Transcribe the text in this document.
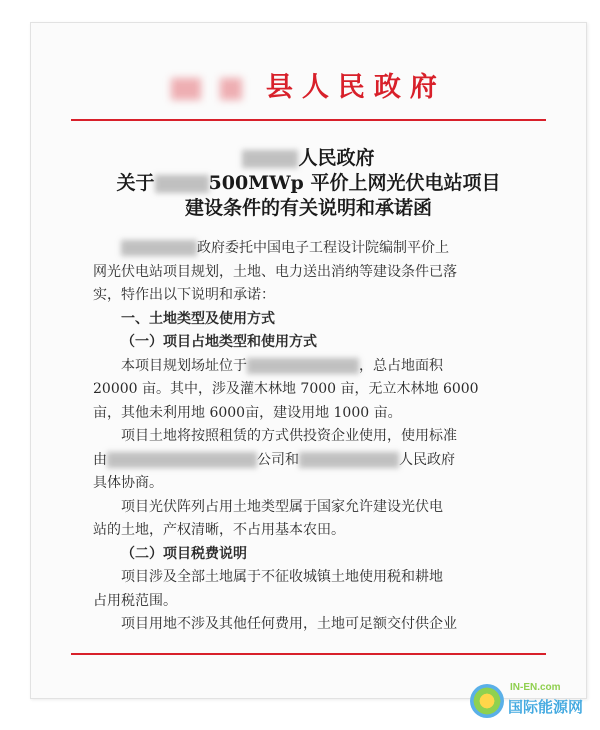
县人民政府
人民政府
关于	500MWp 平价上网光伏电站项目
建设条件的有关说明和承诺函

政府委托中国电子工程设计院编制平价上

网光伏电站项目规划，土地、电力送出消纳等建设条件已落

实，特作出以下说明和承诺：

一、土地类型及使用方式

（一）项目占地类型和使用方式

本项目规划场址位于	，总占地面积

20000 亩。其中，涉及灌木林地 7000 亩，无立木林地 6000

亩，其他未利用地 6000亩，建设用地 1000 亩。

项目土地将按照租赁的方式供投资企业使用，使用标准

由	公司和	人民政府

具体协商。

项目光伏阵列占用土地类型属于国家允许建设光伏电

站的土地，产权清晰，不占用基本农田。

（二）项目税费说明

项目涉及全部土地属于不征收城镇土地使用税和耕地

占用税范围。

项目用地不涉及其他任何费用，土地可足额交付供企业

IN-EN.com
国际能源网
